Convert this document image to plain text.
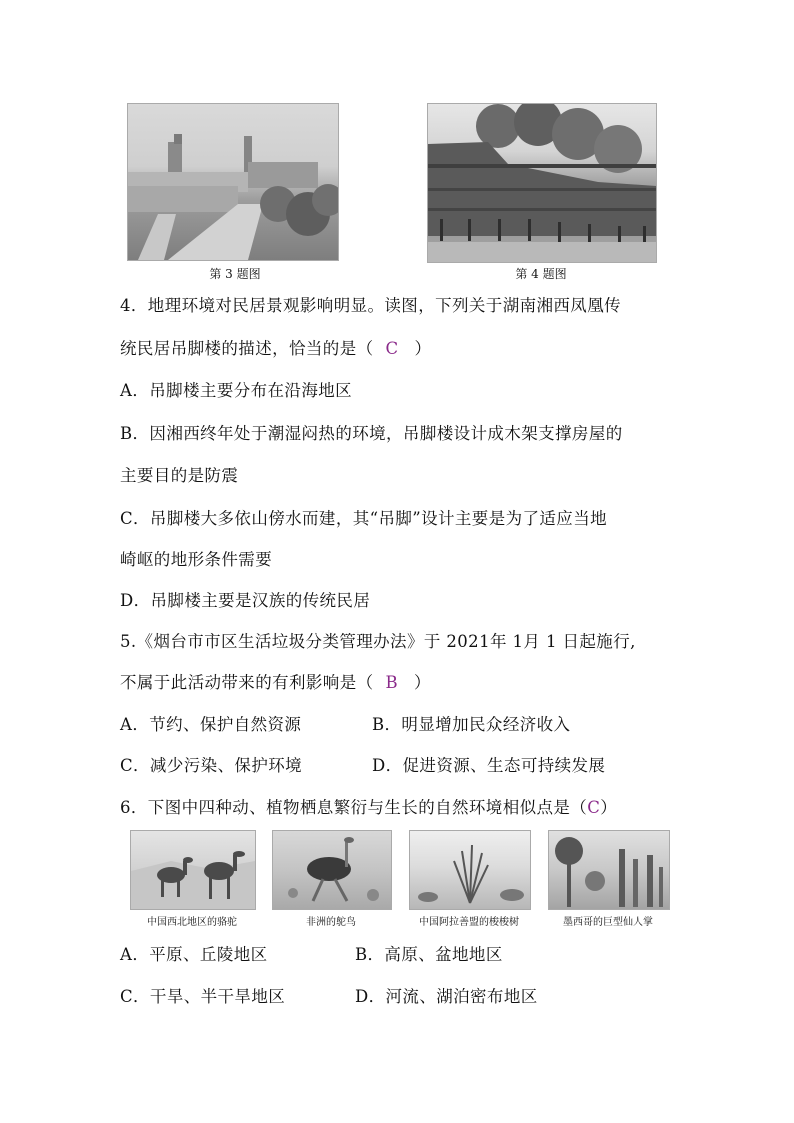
第 3 题图	第 4 题图
4．地理环境对民居景观影响明显。读图，下列关于湖南湘西凤凰传
统民居吊脚楼的描述，恰当的是（ C ）
A．吊脚楼主要分布在沿海地区
B．因湘西终年处于潮湿闷热的环境，吊脚楼设计成木架支撑房屋的
主要目的是防震
C．吊脚楼大多依山傍水而建，其“吊脚”设计主要是为了适应当地
崎岖的地形条件需要
D．吊脚楼主要是汉族的传统民居
5.《烟台市市区生活垃圾分类管理办法》于 2021年 1月 1 日起施行,
不属于此活动带来的有利影响是（ B ）
A．节约、保护自然资源	B．明显增加民众经济收入
C．减少污染、保护环境	D．促进资源、生态可持续发展
6．下图中四种动、植物栖息繁衍与生长的自然环境相似点是（C）
中国西北地区的骆驼	非洲的鸵鸟	中国阿拉善盟的梭梭树	墨西哥的巨型仙人掌
A．平原、丘陵地区	B．高原、盆地地区
C．干旱、半干旱地区	D．河流、湖泊密布地区
